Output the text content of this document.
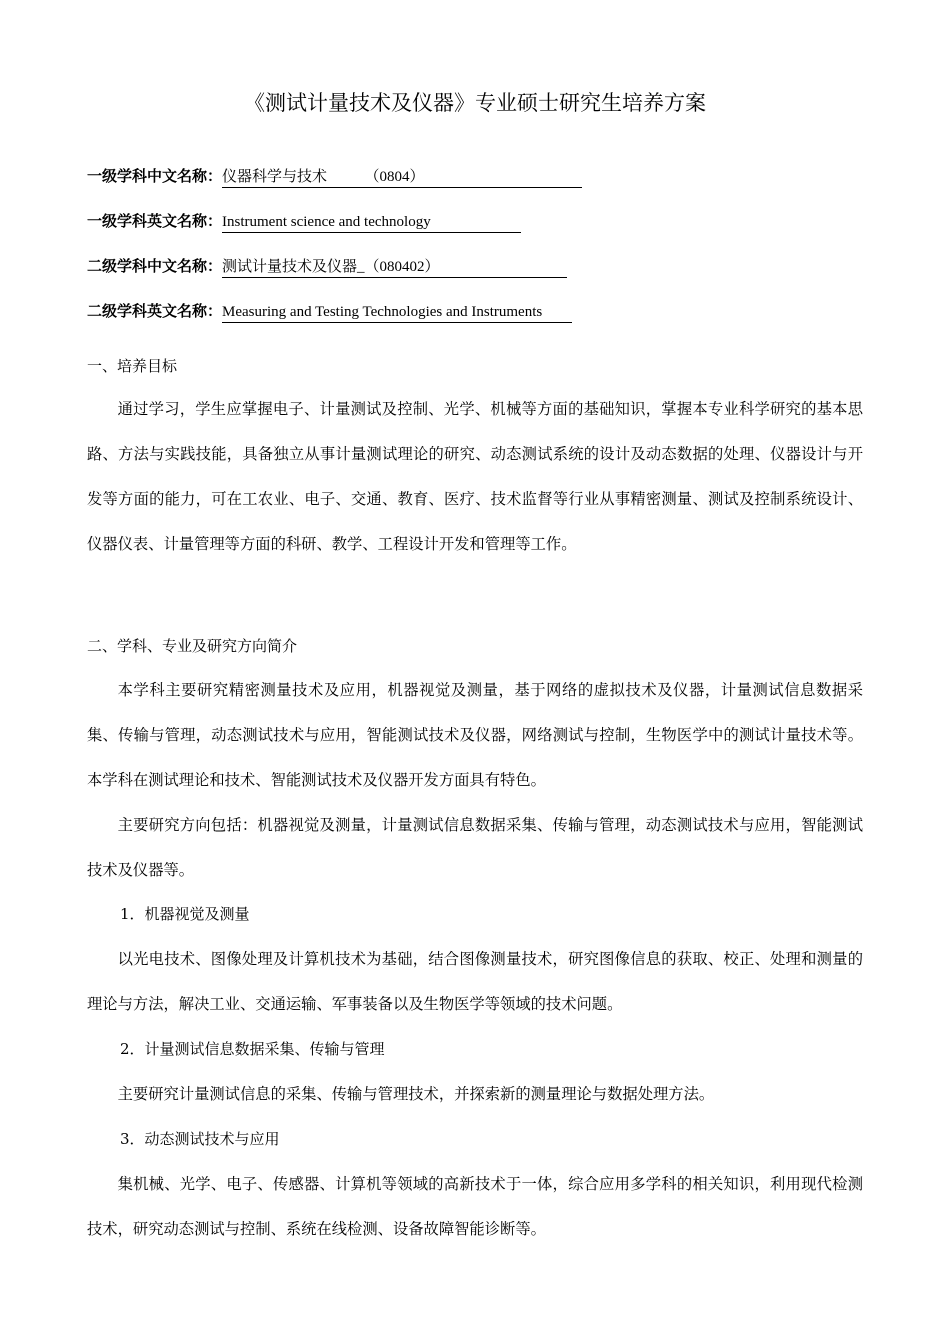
《测试计量技术及仪器》专业硕士研究生培养方案
一级学科中文名称：仪器科学与技术　　　（0804）　　　　　　　　　　　
一级学科英文名称：Instrument science and technology　　　　　　
二级学科中文名称：测试计量技术及仪器_（080402）　　　　　　　　　
二级学科英文名称：Measuring and Testing Technologies and Instruments　　
一、培养目标

通过学习，学生应掌握电子、计量测试及控制、光学、机械等方面的基础知识，掌握本专业科学研究的基本思路、方法与实践技能，具备独立从事计量测试理论的研究、动态测试系统的设计及动态数据的处理、仪器设计与开发等方面的能力，可在工农业、电子、交通、教育、医疗、技术监督等行业从事精密测量、测试及控制系统设计、仪器仪表、计量管理等方面的科研、教学、工程设计开发和管理等工作。

二、学科、专业及研究方向简介

本学科主要研究精密测量技术及应用，机器视觉及测量，基于网络的虚拟技术及仪器，计量测试信息数据采集、传输与管理，动态测试技术与应用，智能测试技术及仪器，网络测试与控制，生物医学中的测试计量技术等。本学科在测试理论和技术、智能测试技术及仪器开发方面具有特色。

主要研究方向包括：机器视觉及测量，计量测试信息数据采集、传输与管理，动态测试技术与应用，智能测试技术及仪器等。

1．机器视觉及测量

以光电技术、图像处理及计算机技术为基础，结合图像测量技术，研究图像信息的获取、校正、处理和测量的理论与方法，解决工业、交通运输、军事装备以及生物医学等领域的技术问题。

2．计量测试信息数据采集、传输与管理

主要研究计量测试信息的采集、传输与管理技术，并探索新的测量理论与数据处理方法。

3．动态测试技术与应用

集机械、光学、电子、传感器、计算机等领域的高新技术于一体，综合应用多学科的相关知识，利用现代检测技术，研究动态测试与控制、系统在线检测、设备故障智能诊断等。
